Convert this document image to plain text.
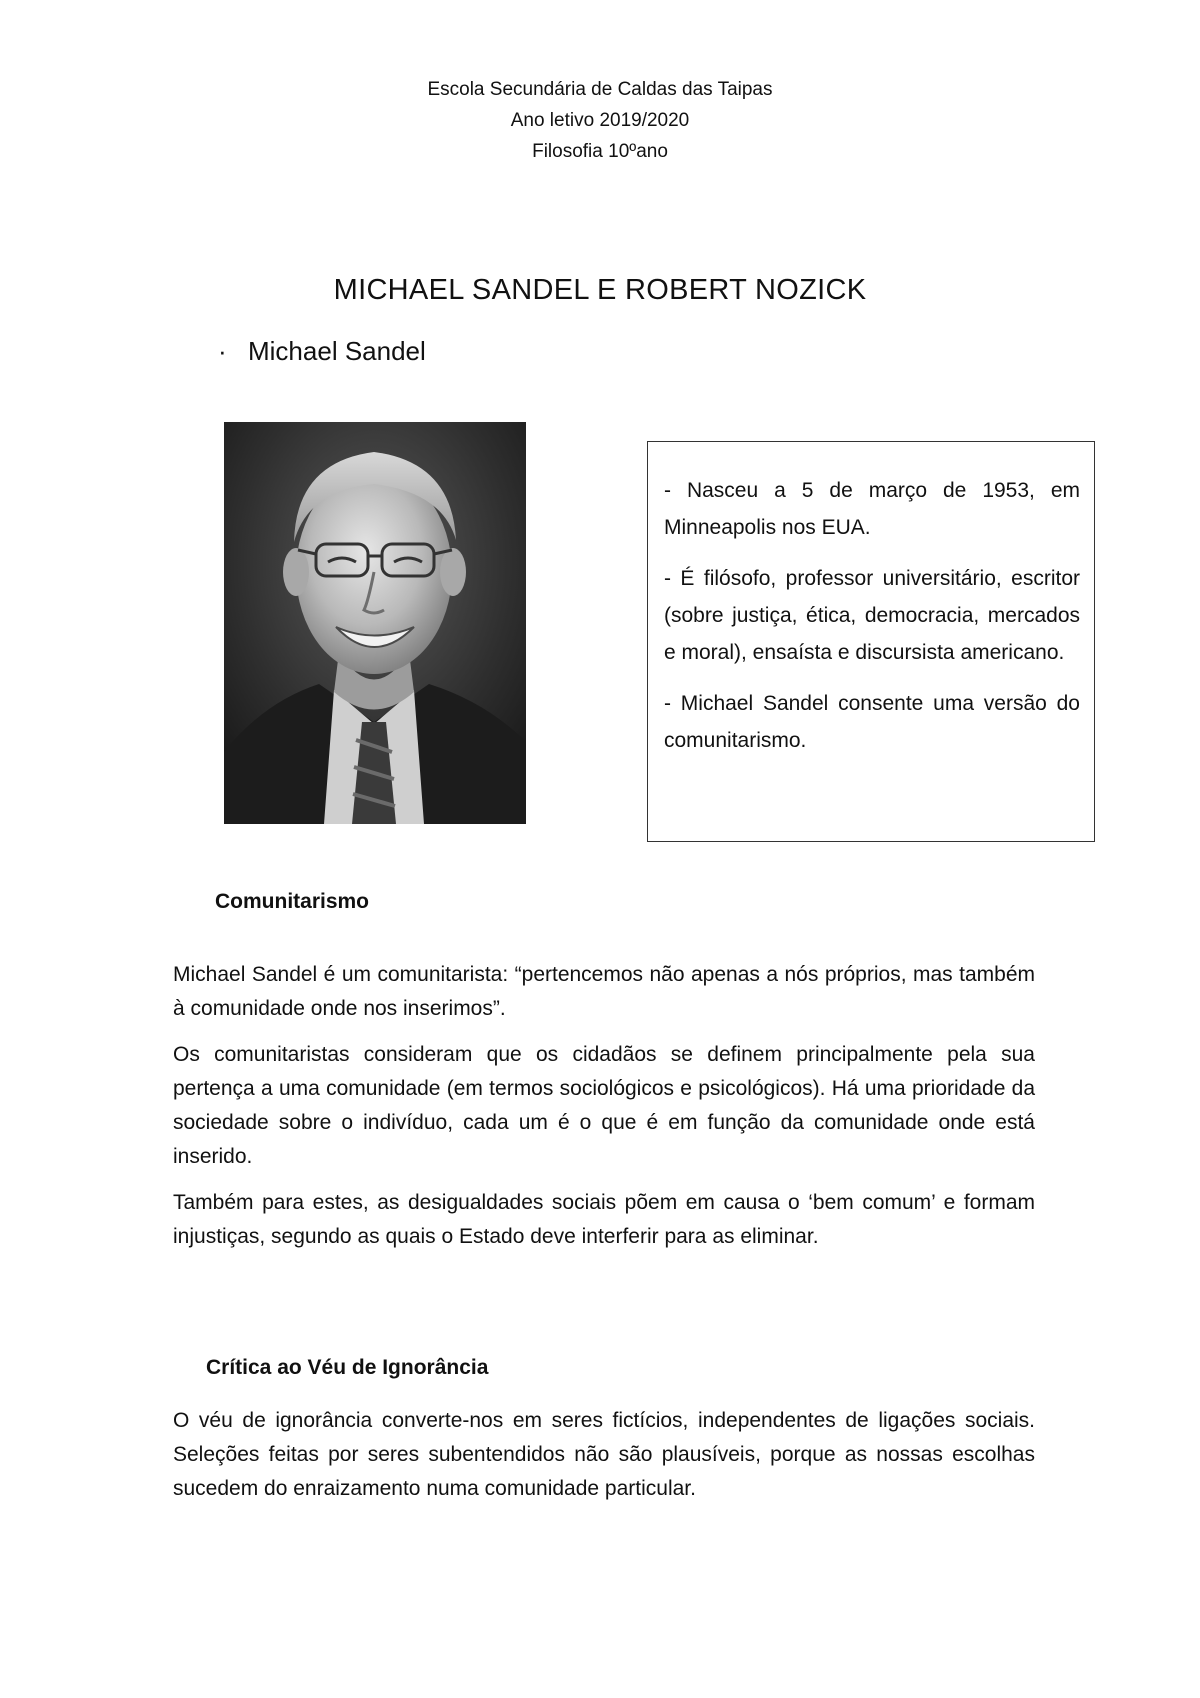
Escola Secundária de Caldas das Taipas
Ano letivo 2019/2020
Filosofia 10ºano
MICHAEL SANDEL E ROBERT NOZICK
· Michael Sandel

- Nasceu a 5 de março de 1953, em Minneapolis nos EUA.

- É filósofo, professor universitário, escritor (sobre justiça, ética, democracia, mercados e moral), ensaísta e discursista americano.

- Michael Sandel consente uma versão do comunitarismo.

Comunitarismo

Michael Sandel é um comunitarista: “pertencemos não apenas a nós próprios, mas também à comunidade onde nos inserimos”.

Os comunitaristas consideram que os cidadãos se definem principalmente pela sua pertença a uma comunidade (em termos sociológicos e psicológicos). Há uma prioridade da sociedade sobre o indivíduo, cada um é o que é em função da comunidade onde está inserido.

Também para estes, as desigualdades sociais põem em causa o ‘bem comum’ e formam injustiças, segundo as quais o Estado deve interferir para as eliminar.

Crítica ao Véu de Ignorância

O véu de ignorância converte-nos em seres fictícios, independentes de ligações sociais. Seleções feitas por seres subentendidos não são plausíveis, porque as nossas escolhas sucedem do enraizamento numa comunidade particular.
